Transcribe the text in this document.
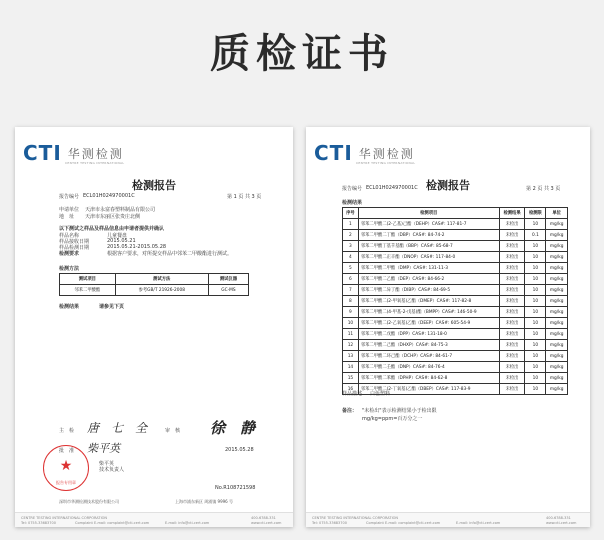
质检证书
CTI 华测检测
CENTRE TESTING INTERNATIONAL
检测报告
报告编号 ECL01H024970001C	第 1 页 共 3 页
申请单位 天津市永富春塑料制品有限公司
地　址 天津市东丽区张贵庄北侧
以下测试之样品及样品信息由申请者提供并确认
样品名称	儿童餐盘
样品接收日期	2015.05.21
样品检测日期	2015.05.21-2015.05.28
检测要求	根据客户要求，对所提交样品中邻苯二甲酸酯进行测试。
检测方法
测试项目	测试方法	测试仪器
邻苯二甲酸酯	参考GB/T 21926-2008	GC-MS
检测结果	请参见下页
主　检 唐　七　全	审　核 徐　静
批　准 柴平英	2015.05.28
柴平英
技术负责人
No.R108721598
★
报告专用章
深圳市华测检测技术股份有限公司	上海市浦东新区 周浦镇 9996 号
CENTRE TESTING INTERNATIONAL CORPORATION
Tel: 0755-33683700	Complaint E-mail: complaint@cti-cert.com	E-mail: info@cti-cert.com
400-6788-331
www.cti-cert.com
CTI 华测检测
CENTRE TESTING INTERNATIONAL
检测报告
报告编号 ECL01H024970001C	第 2 页 共 3 页
检测结果
序号	检测项目	检测结果	检测限	单位
1	邻苯二甲酸二(2-乙基)己酯（DEHP）CAS#: 117-81-7	未检出	10	mg/kg
2	邻苯二甲酸二丁酯（DBP）CAS#: 84-74-2	未检出	0.1	mg/kg
3	邻苯二甲酸丁基苄基酯（BBP）CAS#: 85-68-7	未检出	10	mg/kg
4	邻苯二甲酸二正辛酯（DNOP）CAS#: 117-84-0	未检出	10	mg/kg
5	邻苯二甲酸二甲酯（DMP）CAS#: 131-11-3	未检出	10	mg/kg
6	邻苯二甲酸二乙酯（DEP）CAS#: 84-66-2	未检出	10	mg/kg
7	邻苯二甲酸二异丁酯（DIBP）CAS#: 84-69-5	未检出	10	mg/kg
8	邻苯二甲酸二(2-甲氧基)乙酯（DMEP）CAS#: 117-82-8	未检出	10	mg/kg
9	邻苯二甲酸二(4-甲基-2-戊基)酯（BMPP）CAS#: 146-50-9	未检出	10	mg/kg
10	邻苯二甲酸二(2-乙氧基)乙酯（DEEP）CAS#: 605-54-9	未检出	10	mg/kg
11	邻苯二甲酸二戊酯（DPP）CAS#: 131-18-0	未检出	10	mg/kg
12	邻苯二甲酸二己酯（DHXP）CAS#: 84-75-3	未检出	10	mg/kg
13	邻苯二甲酸二环己酯（DCHP）CAS#: 84-61-7	未检出	10	mg/kg
14	邻苯二甲酸二壬酯（DNP）CAS#: 84-76-4	未检出	10	mg/kg
15	邻苯二甲酸二苯酯（DPHP）CAS#: 84-62-8	未检出	10	mg/kg
16	邻苯二甲酸二(2-丁氧基)乙酯（DBEP）CAS#: 117-83-9	未检出	10	mg/kg
样品描述 白色塑料
备注： "未检出"表示检测结果小于检出限
mg/kg=ppm=百万分之一
CENTRE TESTING INTERNATIONAL CORPORATION
Tel: 0755-33683700	Complaint E-mail: complaint@cti-cert.com	E-mail: info@cti-cert.com
400-6788-331
www.cti-cert.com
